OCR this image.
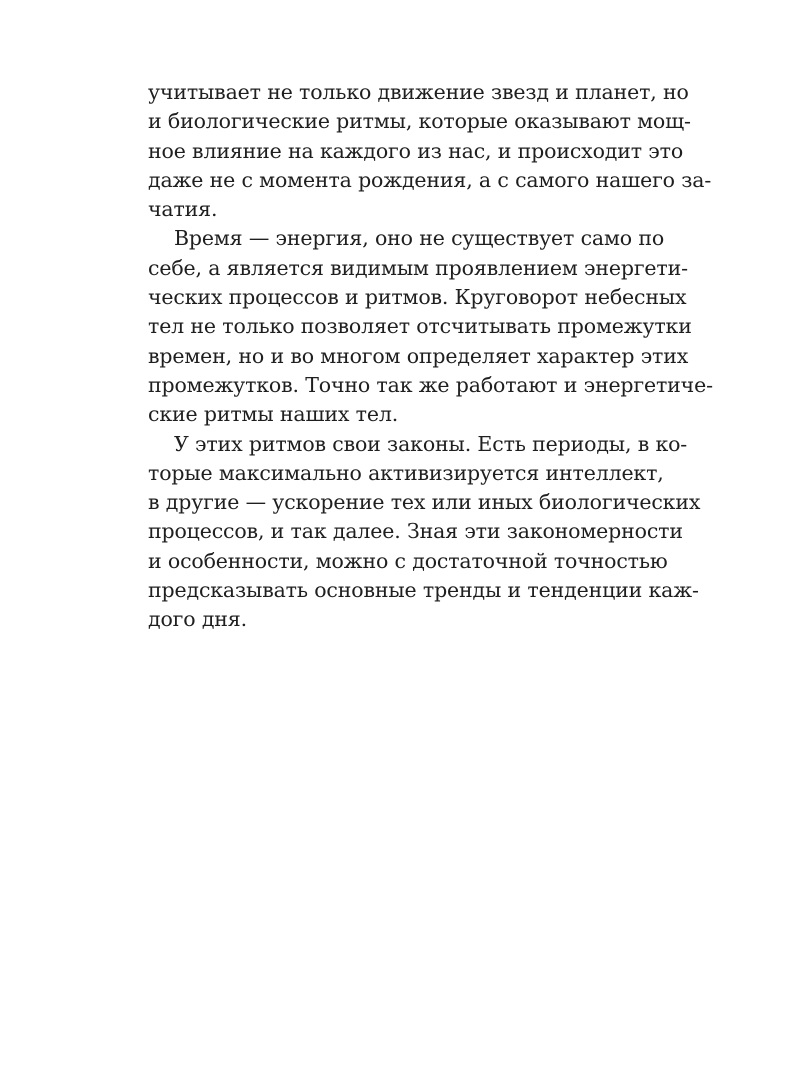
учитывает не только движение звезд и планет, но
и биологические ритмы, которые оказывают мощ-
ное влияние на каждого из нас, и происходит это
даже не с момента рождения, а с самого нашего за-
чатия.
Время — энергия, оно не существует само по
себе, а является видимым проявлением энергети-
ческих процессов и ритмов. Круговорот небесных
тел не только позволяет отсчитывать промежутки
времен, но и во многом определяет характер этих
промежутков. Точно так же работают и энергетиче-
ские ритмы наших тел.
У этих ритмов свои законы. Есть периоды, в ко-
торые максимально активизируется интеллект,
в другие — ускорение тех или иных биологических
процессов, и так далее. Зная эти закономерности
и особенности, можно с достаточной точностью
предсказывать основные тренды и тенденции каж-
дого дня.
